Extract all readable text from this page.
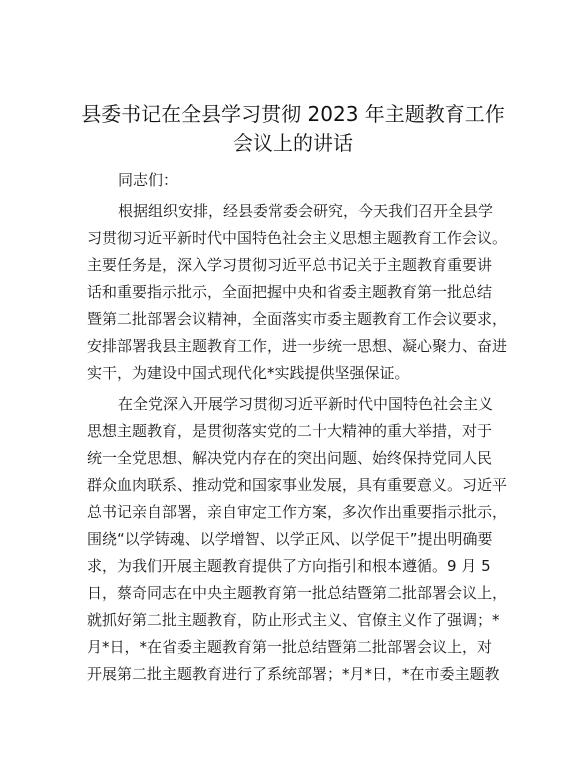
县委书记在全县学习贯彻 2023 年主题教育工作
会议上的讲话

同志们：

根据组织安排，经县委常委会研究，今天我们召开全县学

习贯彻习近平新时代中国特色社会主义思想主题教育工作会议。

主要任务是，深入学习贯彻习近平总书记关于主题教育重要讲

话和重要指示批示，全面把握中央和省委主题教育第一批总结

暨第二批部署会议精神，全面落实市委主题教育工作会议要求，

安排部署我县主题教育工作，进一步统一思想、凝心聚力、奋进

实干，为建设中国式现代化*实践提供坚强保证。

在全党深入开展学习贯彻习近平新时代中国特色社会主义

思想主题教育，是贯彻落实党的二十大精神的重大举措，对于

统一全党思想、解决党内存在的突出问题、始终保持党同人民

群众血肉联系、推动党和国家事业发展，具有重要意义。习近平

总书记亲自部署，亲自审定工作方案，多次作出重要指示批示，

围绕“以学铸魂、以学增智、以学正风、以学促干”提出明确要

求，为我们开展主题教育提供了方向指引和根本遵循。9 月 5

日，蔡奇同志在中央主题教育第一批总结暨第二批部署会议上，

就抓好第二批主题教育，防止形式主义、官僚主义作了强调；*

月*日，*在省委主题教育第一批总结暨第二批部署会议上，对

开展第二批主题教育进行了系统部署；*月*日，*在市委主题教
